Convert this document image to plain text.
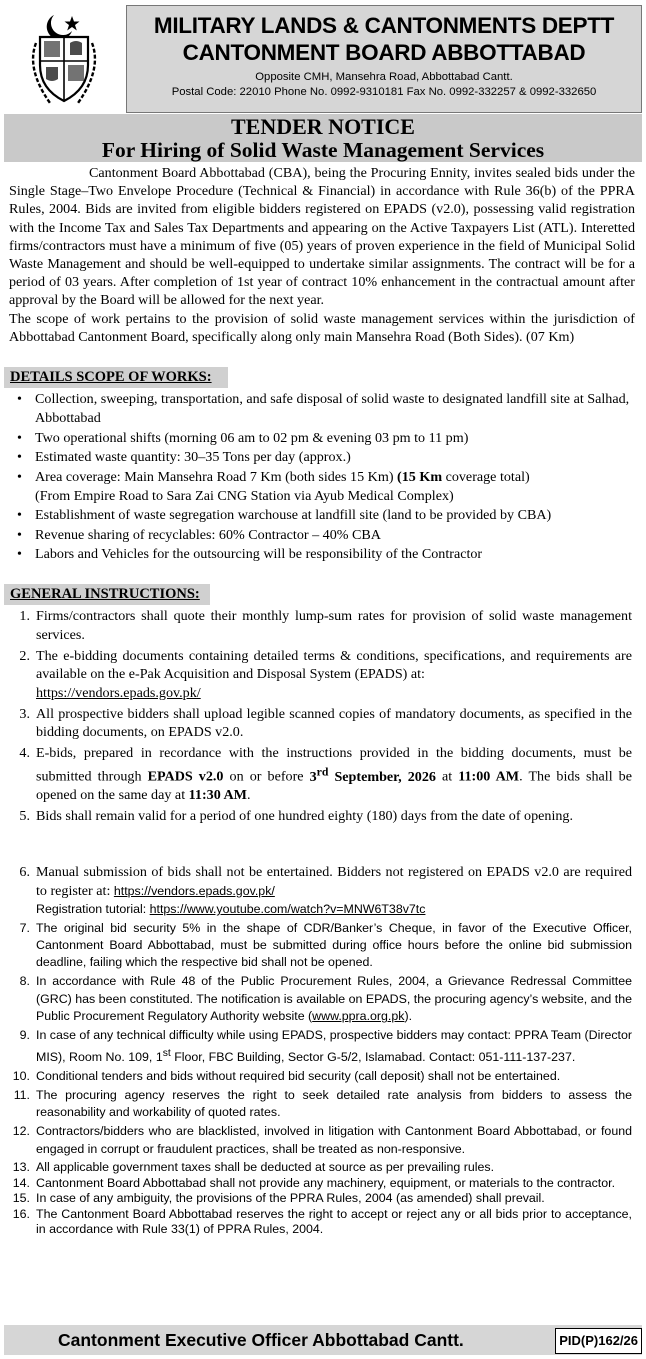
MILITARY LANDS & CANTONMENTS DEPTT
CANTONMENT BOARD ABBOTTABAD
Opposite CMH, Mansehra Road, Abbottabad Cantt.
Postal Code: 22010 Phone No. 0992-9310181 Fax No. 0992-332257 & 0992-332650
TENDER NOTICE
For Hiring of Solid Waste Management Services

Cantonment Board Abbottabad (CBA), being the Procuring Ennity, invites sealed bids under the Single Stage–Two Envelope Procedure (Technical & Financial) in accordance with Rule 36(b) of the PPRA Rules, 2004. Bids are invited from eligible bidders registered on EPADS (v2.0), possessing valid registration with the Income Tax and Sales Tax Departments and appearing on the Active Taxpayers List (ATL). Interetted firms/contractors must have a minimum of five (05) years of proven experience in the field of Municipal Solid Waste Management and should be well-equipped to undertake similar assignments. The contract will be for a period of 03 years. After completion of 1st year of contract 10% enhancement in the contractual amount after approval by the Board will be allowed for the next year.

The scope of work pertains to the provision of solid waste management services within the jurisdiction of Abbottabad Cantonment Board, specifically along only main Mansehra Road (Both Sides). (07 Km)

DETAILS SCOPE OF WORKS:
• Collection, sweeping, transportation, and safe disposal of solid waste to designated landfill site at Salhad, Abbottabad
• Two operational shifts (morning 06 am to 02 pm & evening 03 pm to 11 pm)
• Estimated waste quantity: 30–35 Tons per day (approx.)
• Area coverage: Main Mansehra Road 7 Km (both sides 15 Km) (15 Km coverage total)
(From Empire Road to Sara Zai CNG Station via Ayub Medical Complex)
• Establishment of waste segregation warchouse at landfill site (land to be provided by CBA)
• Revenue sharing of recyclables: 60% Contractor – 40% CBA
• Labors and Vehicles for the outsourcing will be responsibility of the Contractor
GENERAL INSTRUCTIONS:
1. Firms/contractors shall quote their monthly lump-sum rates for provision of solid waste management services.
2. The e-bidding documents containing detailed terms & conditions, specifications, and requirements are available on the e-Pak Acquisition and Disposal System (EPADS) at:
https://vendors.epads.gov.pk/
3. All prospective bidders shall upload legible scanned copies of mandatory documents, as specified in the bidding documents, on EPADS v2.0.
4. E-bids, prepared in recordance with the instructions provided in the bidding documents, must be submitted through EPADS v2.0 on or before 3rd September, 2026 at 11:00 AM. The bids shall be opened on the same day at 11:30 AM.
5. Bids shall remain valid for a period of one hundred eighty (180) days from the date of opening.
6. Manual submission of bids shall not be entertained. Bidders not registered on EPADS v2.0 are required to register at: https://vendors.epads.gov.pk/
Registration tutorial: https://www.youtube.com/watch?v=MNW6T38v7tc
7. The original bid security 5% in the shape of CDR/Banker’s Cheque, in favor of the Executive Officer, Cantonment Board Abbottabad, must be submitted during office hours before the online bid submission deadline, failing which the respective bid shall not be opened.
8. In accordance with Rule 48 of the Public Procurement Rules, 2004, a Grievance Redressal Committee (GRC) has been constituted. The notification is available on EPADS, the procuring agency’s website, and the Public Procurement Regulatory Authority website (www.ppra.org.pk).
9. In case of any technical difficulty while using EPADS, prospective bidders may contact: PPRA Team (Director MIS), Room No. 109, 1st Floor, FBC Building, Sector G-5/2, Islamabad. Contact: 051-111-137-237.
10. Conditional tenders and bids without required bid security (call deposit) shall not be entertained.
11. The procuring agency reserves the right to seek detailed rate analysis from bidders to assess the reasonability and workability of quoted rates.
12. Contractors/bidders who are blacklisted, involved in litigation with Cantonment Board Abbottabad, or found engaged in corrupt or fraudulent practices, shall be treated as non-responsive.
13. All applicable government taxes shall be deducted at source as per prevailing rules.
14. Cantonment Board Abbottabad shall not provide any machinery, equipment, or materials to the contractor.
15. In case of any ambiguity, the provisions of the PPRA Rules, 2004 (as amended) shall prevail.
16. The Cantonment Board Abbottabad reserves the right to accept or reject any or all bids prior to acceptance, in accordance with Rule 33(1) of PPRA Rules, 2004.
Cantonment Executive Officer Abbottabad Cantt.	PID(P)162/26
